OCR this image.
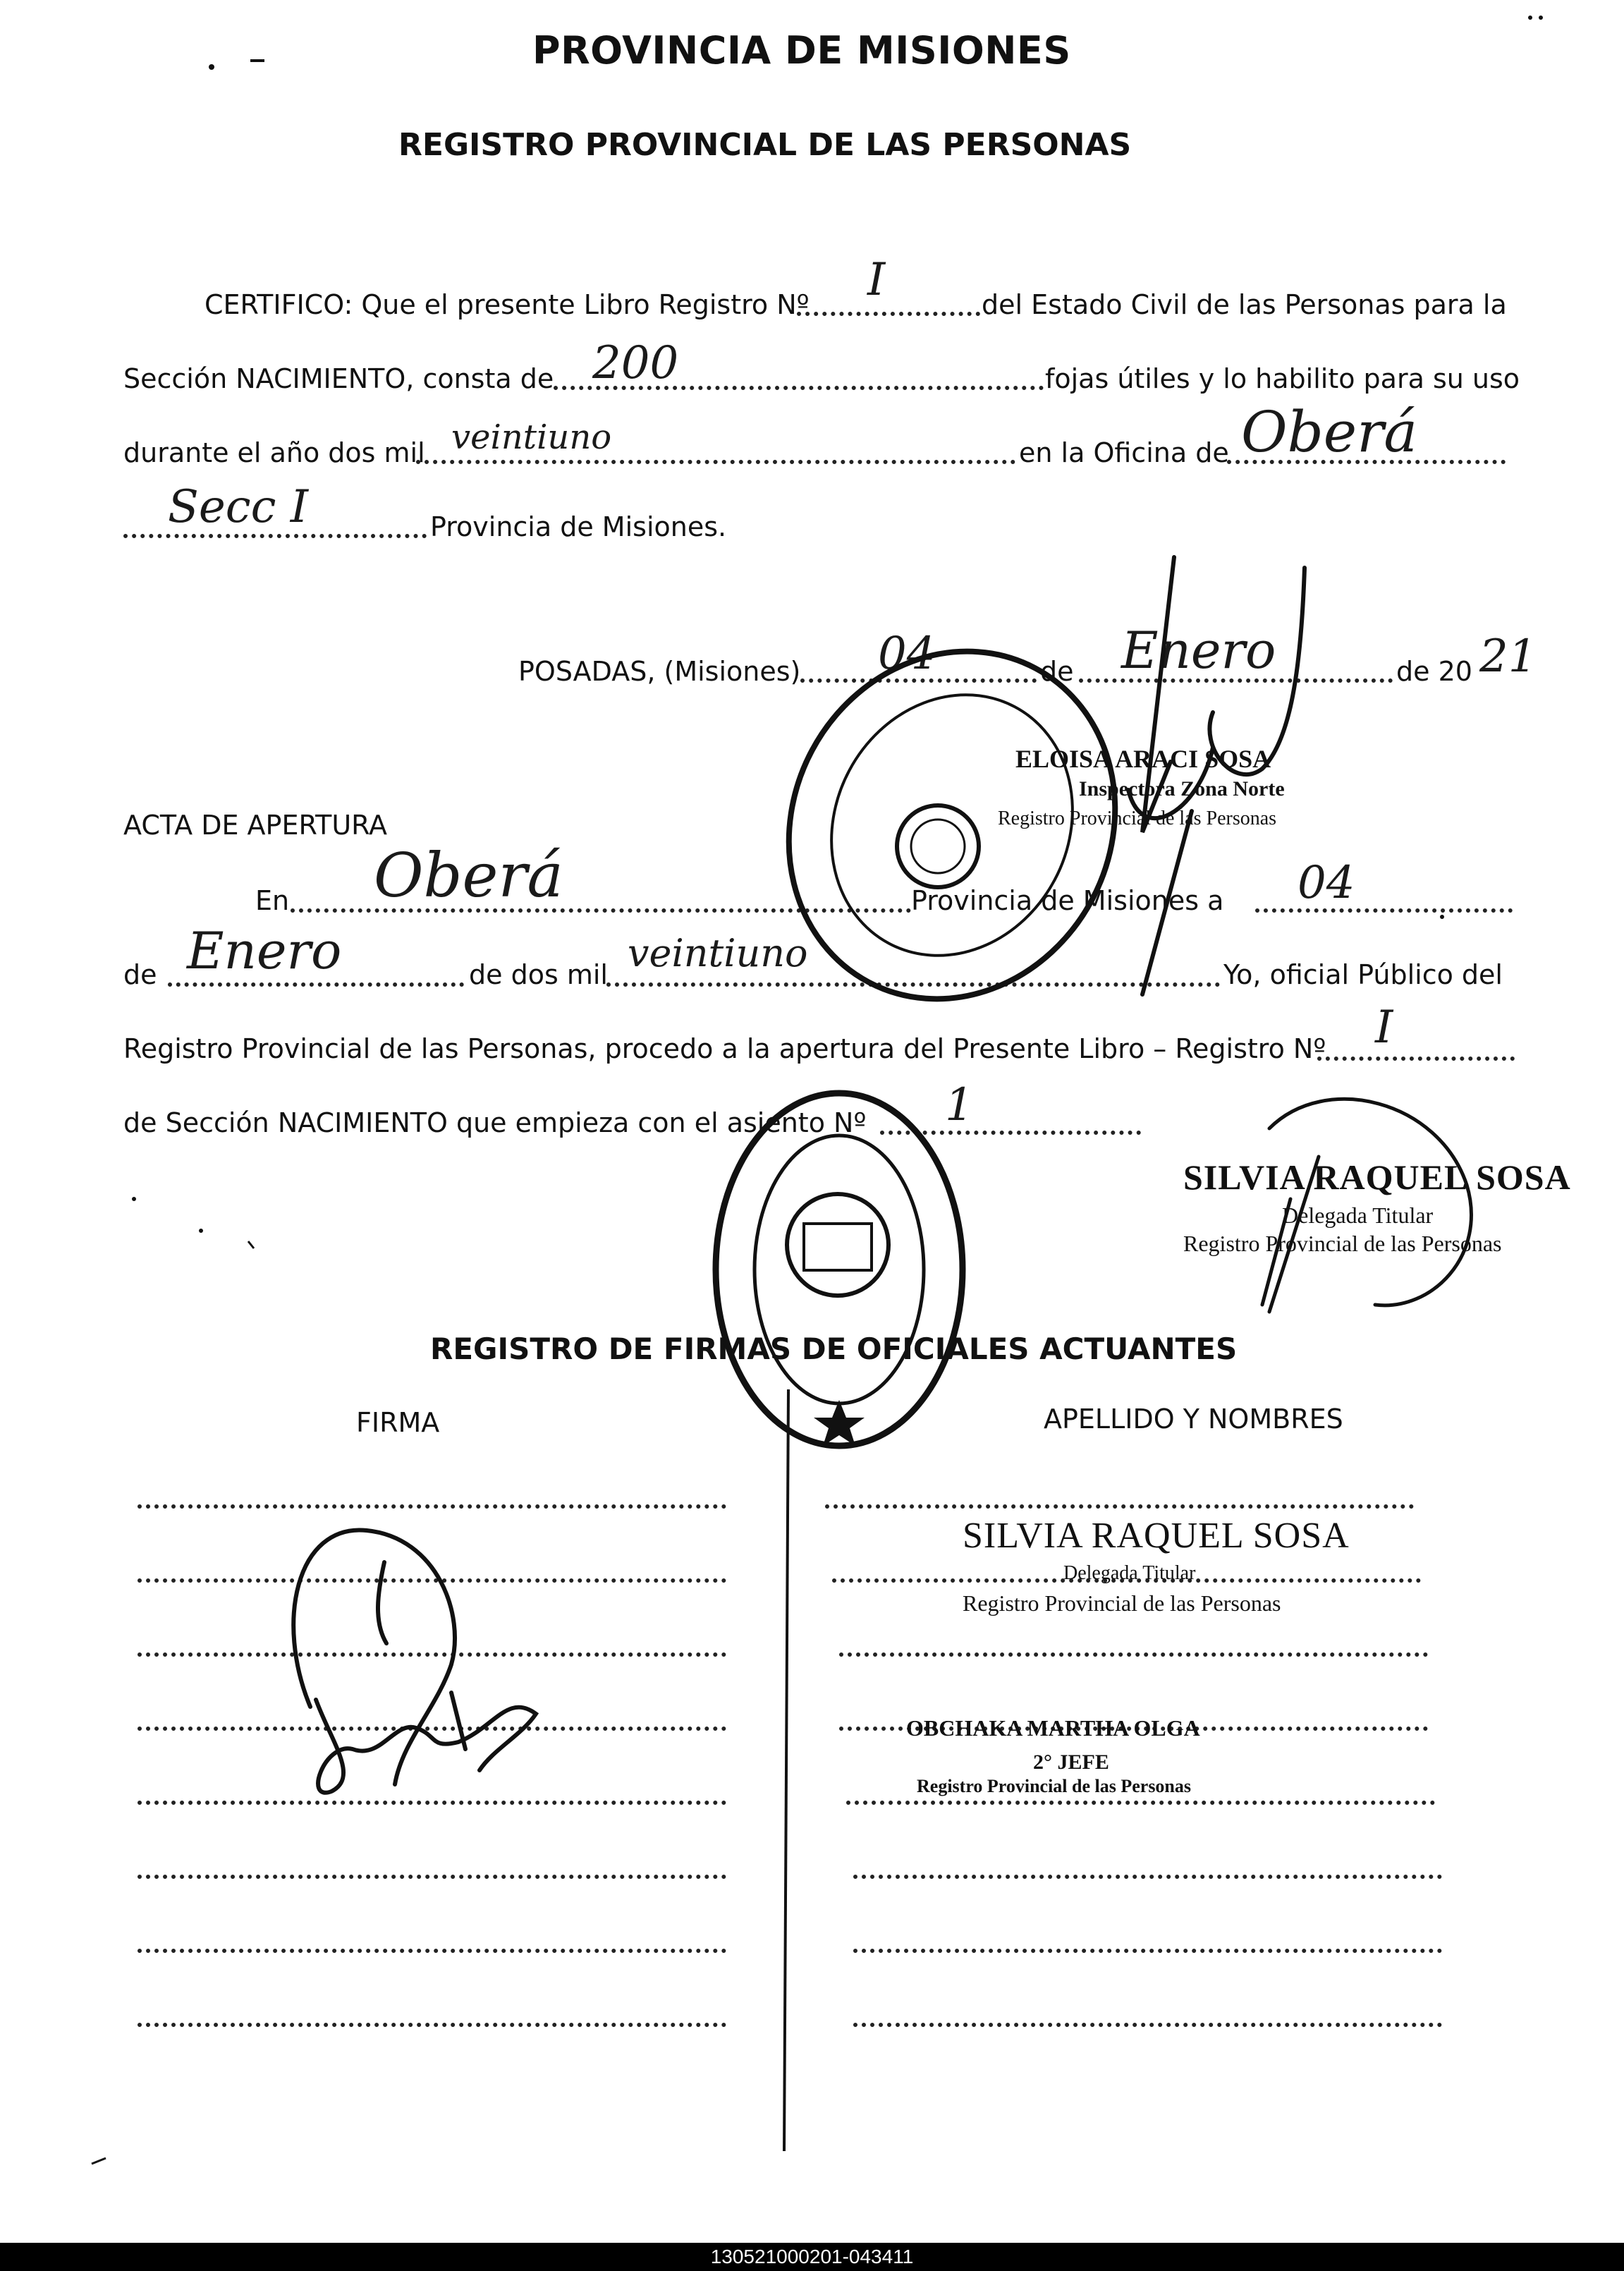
PROVINCIA DE MISIONES
REGISTRO PROVINCIAL DE LAS PERSONAS
CERTIFICO: Que el presente Libro Registro Nº I	del Estado Civil de las Personas para la
Sección NACIMIENTO, consta de 200	fojas útiles y lo habilito para su uso
durante el año dos mil veintiuno	en la Oficina de Oberá
Secc I	Provincia de Misiones.
POSADAS, (Misiones) 04	de Enero	de 20 21
ACTA DE APERTURA
En Oberá	Provincia de Misiones a 04
de Enero	de dos mil veintiuno	Yo, oficial Público del
Registro Provincial de las Personas, procedo a la apertura del Presente Libro – Registro Nº I
de Sección NACIMIENTO que empieza con el asiento Nº 1
ELOISA ARACI SOSA
Inspectora Zona Norte
Registro Provincial de las Personas
SILVIA RAQUEL SOSA
Delegada Titular
Registro Provincial de las Personas
REGISTRO DE FIRMAS DE OFICIALES ACTUANTES
FIRMA	APELLIDO Y NOMBRES
SILVIA RAQUEL SOSA
Delegada Titular
Registro Provincial de las Personas
OBCHAKA MARTHA OLGA
2° JEFE
Registro Provincial de las Personas
130521000201-043411
